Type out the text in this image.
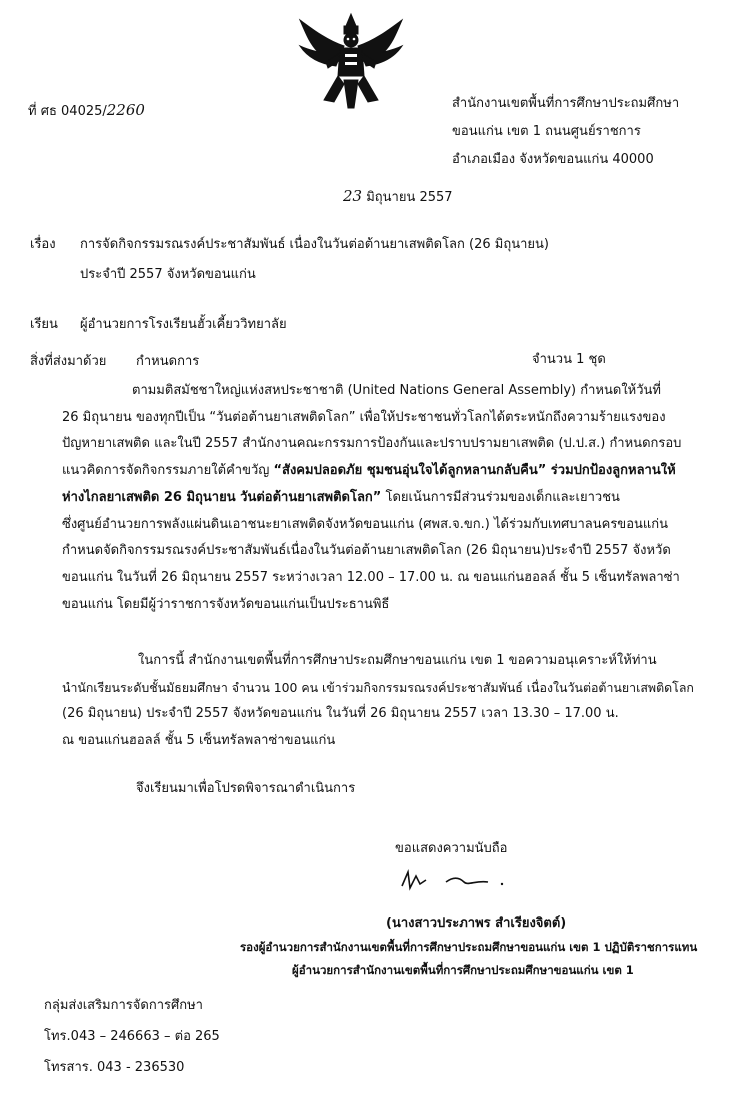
ที่ ศธ 04025/2260	สำนักงานเขตพื้นที่การศึกษาประถมศึกษา
ขอนแก่น เขต 1 ถนนศูนย์ราชการ
อำเภอเมือง จังหวัดขอนแก่น 40000
23 มิถุนายน 2557
เรื่อง การจัดกิจกรรมรณรงค์ประชาสัมพันธ์ เนื่องในวันต่อต้านยาเสพติดโลก (26 มิถุนายน)
ประจำปี 2557 จังหวัดขอนแก่น
เรียน ผู้อำนวยการโรงเรียนฮั้วเคี้ยววิทยาลัย
สิ่งที่ส่งมาด้วย กำหนดการ	จำนวน 1 ชุด
ตามมติสมัชชาใหญ่แห่งสหประชาชาติ (United Nations General Assembly) กำหนดให้วันที่
26 มิถุนายน ของทุกปีเป็น “วันต่อต้านยาเสพติดโลก” เพื่อให้ประชาชนทั่วโลกได้ตระหนักถึงความร้ายแรงของ
ปัญหายาเสพติด และในปี 2557 สำนักงานคณะกรรมการป้องกันและปราบปรามยาเสพติด (ป.ป.ส.) กำหนดกรอบ
แนวคิดการจัดกิจกรรมภายใต้คำขวัญ “สังคมปลอดภัย ชุมชนอุ่นใจได้ลูกหลานกลับคืน” ร่วมปกป้องลูกหลานให้
ห่างไกลยาเสพติด 26 มิถุนายน วันต่อต้านยาเสพติดโลก” โดยเน้นการมีส่วนร่วมของเด็กและเยาวชน
ซึ่งศูนย์อำนวยการพลังแผ่นดินเอาชนะยาเสพติดจังหวัดขอนแก่น (ศพส.จ.ขก.) ได้ร่วมกับเทศบาลนครขอนแก่น
กำหนดจัดกิจกรรมรณรงค์ประชาสัมพันธ์เนื่องในวันต่อต้านยาเสพติดโลก (26 มิถุนายน)ประจำปี 2557 จังหวัด
ขอนแก่น ในวันที่ 26 มิถุนายน 2557 ระหว่างเวลา 12.00 – 17.00 น. ณ ขอนแก่นฮอลล์ ชั้น 5 เซ็นทรัลพลาซ่า
ขอนแก่น โดยมีผู้ว่าราชการจังหวัดขอนแก่นเป็นประธานพิธี
ในการนี้ สำนักงานเขตพื้นที่การศึกษาประถมศึกษาขอนแก่น เขต 1 ขอความอนุเคราะห์ให้ท่าน
นำนักเรียนระดับชั้นมัธยมศึกษา จำนวน 100 คน เข้าร่วมกิจกรรมรณรงค์ประชาสัมพันธ์ เนื่องในวันต่อต้านยาเสพติดโลก
(26 มิถุนายน) ประจำปี 2557 จังหวัดขอนแก่น ในวันที่ 26 มิถุนายน 2557 เวลา 13.30 – 17.00 น.
ณ ขอนแก่นฮอลล์ ชั้น 5 เซ็นทรัลพลาซ่าขอนแก่น
จึงเรียนมาเพื่อโปรดพิจารณาดำเนินการ
ขอแสดงความนับถือ
(นางสาวประภาพร สำเรียงจิตต์)
รองผู้อำนวยการสำนักงานเขตพื้นที่การศึกษาประถมศึกษาขอนแก่น เขต 1 ปฏิบัติราชการแทน
ผู้อำนวยการสำนักงานเขตพื้นที่การศึกษาประถมศึกษาขอนแก่น เขต 1
กลุ่มส่งเสริมการจัดการศึกษา
โทร.043 – 246663 – ต่อ 265
โทรสาร. 043 - 236530
